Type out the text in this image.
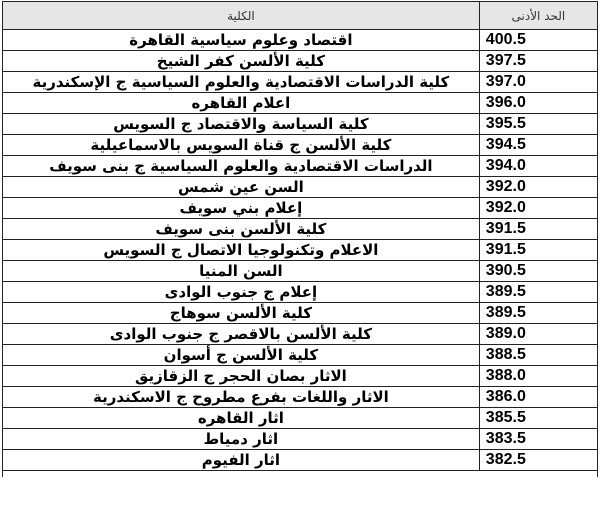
الكلية	الحد الأدنى
اقتصاد وعلوم سياسية القاهرة	400.5
كلية الألسن كفر الشيخ	397.5
كلية الدراسات الاقتصادية والعلوم السياسية ج الإسكندرية	397.0
اعلام القاهره	396.0
كلية السياسة والاقتصاد ج السويس	395.5
كلية الألسن ج قناة السويس بالاسماعيلية	394.5
الدراسات الاقتصادية والعلوم السياسية ج بنى سويف	394.0
السن عين شمس	392.0
إعلام بني سويف	392.0
كلية الألسن بنى سويف	391.5
الاعلام وتكنولوجيا الاتصال ج السويس	391.5
السن المنيا	390.5
إعلام ج جنوب الوادى	389.5
كلية الألسن سوهاج	389.5
كلية الألسن بالاقصر ج جنوب الوادى	389.0
كلية الألسن ج أسوان	388.5
الاثار بصان الحجر ج الزقازيق	388.0
الاثار واللغات بفرع مطروح ج الاسكندرية	386.0
اثار القاهره	385.5
اثار دمياط	383.5
اثار الفيوم	382.5
